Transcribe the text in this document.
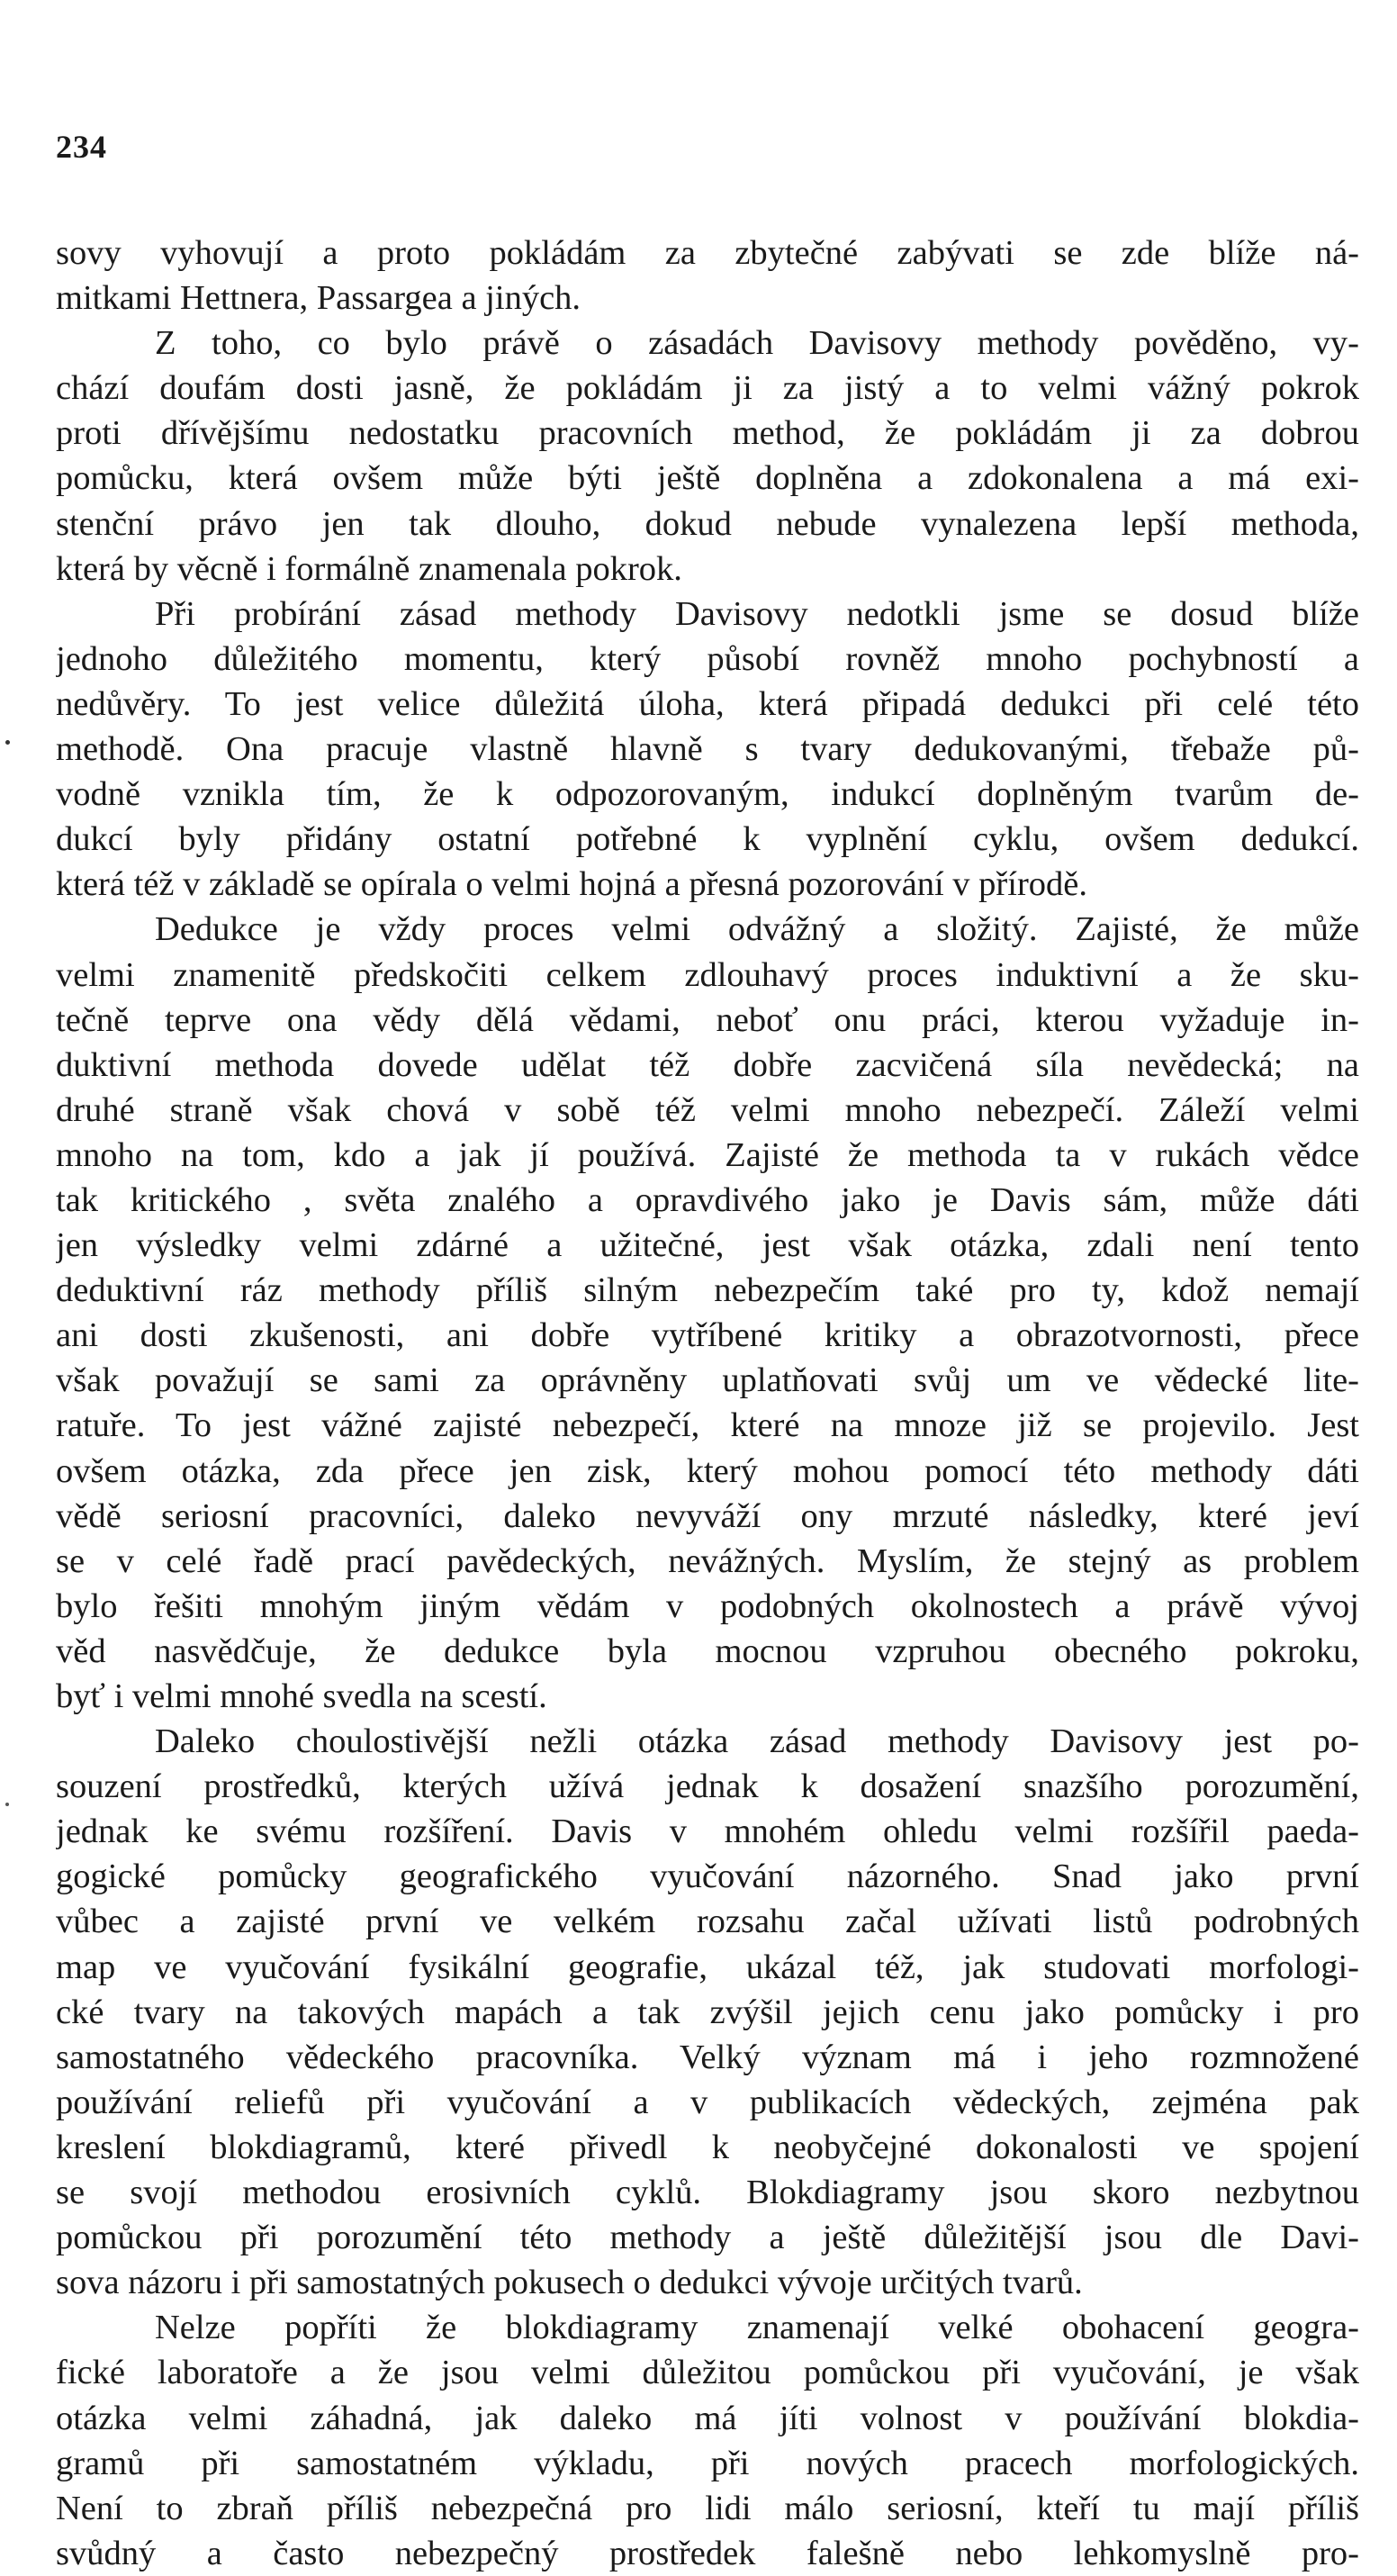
234
sovy vyhovují a proto pokládám za zbytečné zabývati se zde blíže ná-
mitkami Hettnera, Passargea a jiných.
Z toho, co bylo právě o zásadách Davisovy methody pověděno, vy-
chází doufám dosti jasně, že pokládám ji za jistý a to velmi vážný pokrok
proti dřívějšímu nedostatku pracovních method, že pokládám ji za dobrou
pomůcku, která ovšem může býti ještě doplněna a zdokonalena a má exi-
stenční právo jen tak dlouho, dokud nebude vynalezena lepší methoda,
která by věcně i formálně znamenala pokrok.
Při probírání zásad methody Davisovy nedotkli jsme se dosud blíže
jednoho důležitého momentu, který působí rovněž mnoho pochybností a
nedůvěry. To jest velice důležitá úloha, která připadá dedukci při celé této
methodě. Ona pracuje vlastně hlavně s tvary dedukovanými, třebaže pů-
vodně vznikla tím, že k odpozorovaným, indukcí doplněným tvarům de-
dukcí byly přidány ostatní potřebné k vyplnění cyklu, ovšem dedukcí.
která též v základě se opírala o velmi hojná a přesná pozorování v přírodě.
Dedukce je vždy proces velmi odvážný a složitý. Zajisté, že může
velmi znamenitě předskočiti celkem zdlouhavý proces induktivní a že sku-
tečně teprve ona vědy dělá vědami, neboť onu práci, kterou vyžaduje in-
duktivní methoda dovede udělat též dobře zacvičená síla nevědecká; na
druhé straně však chová v sobě též velmi mnoho nebezpečí. Záleží velmi
mnoho na tom, kdo a jak jí používá. Zajisté že methoda ta v rukách vědce
tak kritického , světa znalého a opravdivého jako je Davis sám, může dáti
jen výsledky velmi zdárné a užitečné, jest však otázka, zdali není tento
deduktivní ráz methody příliš silným nebezpečím také pro ty, kdož nemají
ani dosti zkušenosti, ani dobře vytříbené kritiky a obrazotvornosti, přece
však považují se sami za oprávněny uplatňovati svůj um ve vědecké lite-
ratuře. To jest vážné zajisté nebezpečí, které na mnoze již se projevilo. Jest
ovšem otázka, zda přece jen zisk, který mohou pomocí této methody dáti
vědě seriosní pracovníci, daleko nevyváží ony mrzuté následky, které jeví
se v celé řadě prací pavědeckých, nevážných. Myslím, že stejný as problem
bylo řešiti mnohým jiným vědám v podobných okolnostech a právě vývoj
věd nasvědčuje, že dedukce byla mocnou vzpruhou obecného pokroku,
byť i velmi mnohé svedla na scestí.
Daleko choulostivější nežli otázka zásad methody Davisovy jest po-
souzení prostředků, kterých užívá jednak k dosažení snazšího porozumění,
jednak ke svému rozšíření. Davis v mnohém ohledu velmi rozšířil paeda-
gogické pomůcky geografického vyučování názorného. Snad jako první
vůbec a zajisté první ve velkém rozsahu začal užívati listů podrobných
map ve vyučování fysikální geografie, ukázal též, jak studovati morfologi-
cké tvary na takových mapách a tak zvýšil jejich cenu jako pomůcky i pro
samostatného vědeckého pracovníka. Velký význam má i jeho rozmnožené
používání reliefů při vyučování a v publikacích vědeckých, zejména pak
kreslení blokdiagramů, které přivedl k neobyčejné dokonalosti ve spojení
se svojí methodou erosivních cyklů. Blokdiagramy jsou skoro nezbytnou
pomůckou při porozumění této methody a ještě důležitější jsou dle Davi-
sova názoru i při samostatných pokusech o dedukci vývoje určitých tvarů.
Nelze popříti že blokdiagramy znamenají velké obohacení geogra-
fické laboratoře a že jsou velmi důležitou pomůckou při vyučování, je však
otázka velmi záhadná, jak daleko má jíti volnost v používání blokdia-
gramů při samostatném výkladu, při nových pracech morfologických.
Není to zbraň příliš nebezpečná pro lidi málo seriosní, kteří tu mají příliš
svůdný a často nebezpečný prostředek falešně nebo lehkomyslně pro-
